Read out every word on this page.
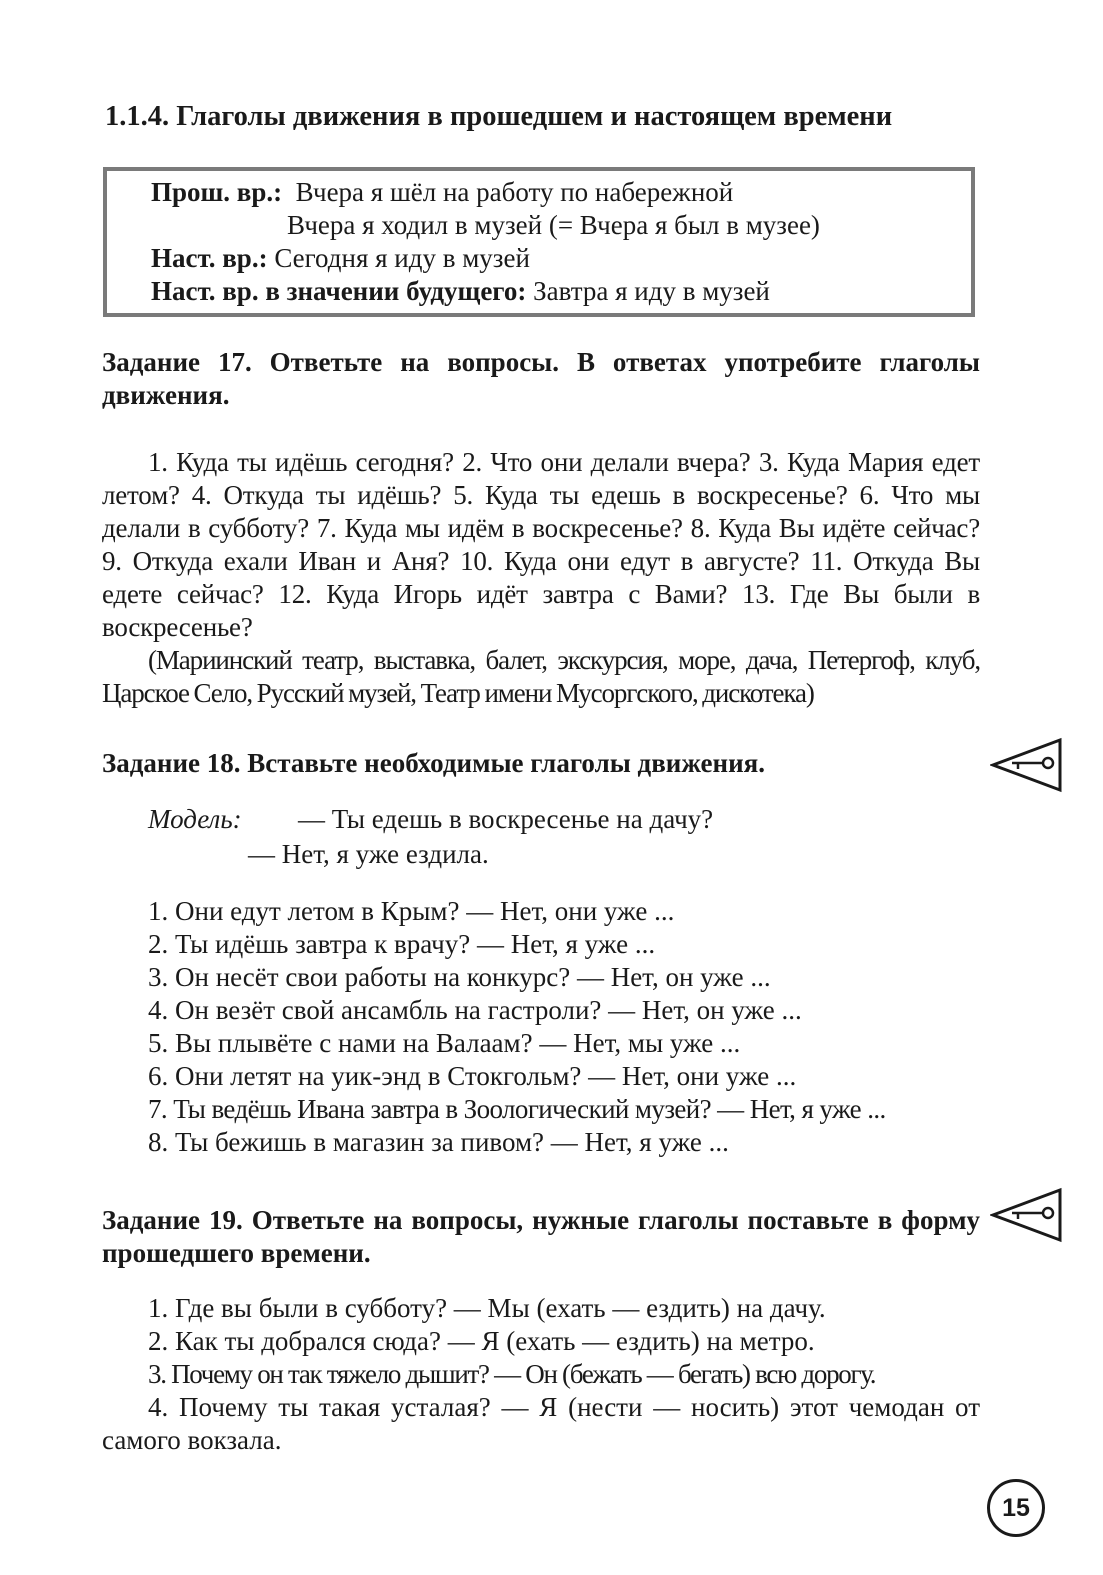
1.1.4. Глаголы движения в прошедшем и настоящем времени
Прош. вр.: Вчера я шёл на работу по набережной
Вчера я ходил в музей (= Вчера я был в музее)
Наст. вр.: Сегодня я иду в музей
Наст. вр. в значении будущего: Завтра я иду в музей
Задание 17. Ответьте на вопросы. В ответах употребите глаголы движения.

1. Куда ты идёшь сегодня? 2. Что они делали вчера? 3. Куда Мария едет летом? 4. Откуда ты идёшь? 5. Куда ты едешь в воскресенье? 6. Что мы делали в субботу? 7. Куда мы идём в воскресенье? 8. Куда Вы идёте сейчас? 9. Откуда ехали Иван и Аня? 10. Куда они едут в августе? 11. Откуда Вы едете сейчас? 12. Куда Игорь идёт завтра с Вами? 13. Где Вы были в воскресенье?

(Мариинский театр, выставка, балет, экскурсия, море, дача, Петергоф, клуб, Царское Село, Русский музей, Театр имени Мусоргского, дискотека)

Задание 18. Вставьте необходимые глаголы движения.
Модель: — Ты едешь в воскресенье на дачу?
— Нет, я уже ездила.
1. Они едут летом в Крым? — Нет, они уже ...
2. Ты идёшь завтра к врачу? — Нет, я уже ...
3. Он несёт свои работы на конкурс? — Нет, он уже ...
4. Он везёт свой ансамбль на гастроли? — Нет, он уже ...
5. Вы плывёте с нами на Валаам? — Нет, мы уже ...
6. Они летят на уик-энд в Стокгольм? — Нет, они уже ...
7. Ты ведёшь Ивана завтра в Зоологический музей? — Нет, я уже ...
8. Ты бежишь в магазин за пивом? — Нет, я уже ...
Задание 19. Ответьте на вопросы, нужные глаголы поставьте в форму прошедшего времени.
1. Где вы были в субботу? — Мы (ехать — ездить) на дачу.
2. Как ты добрался сюда? — Я (ехать — ездить) на метро.
3. Почему он так тяжело дышит? — Он (бежать — бегать) всю дорогу.

4. Почему ты такая усталая? — Я (нести — носить) этот чемодан от самого вокзала.

15
